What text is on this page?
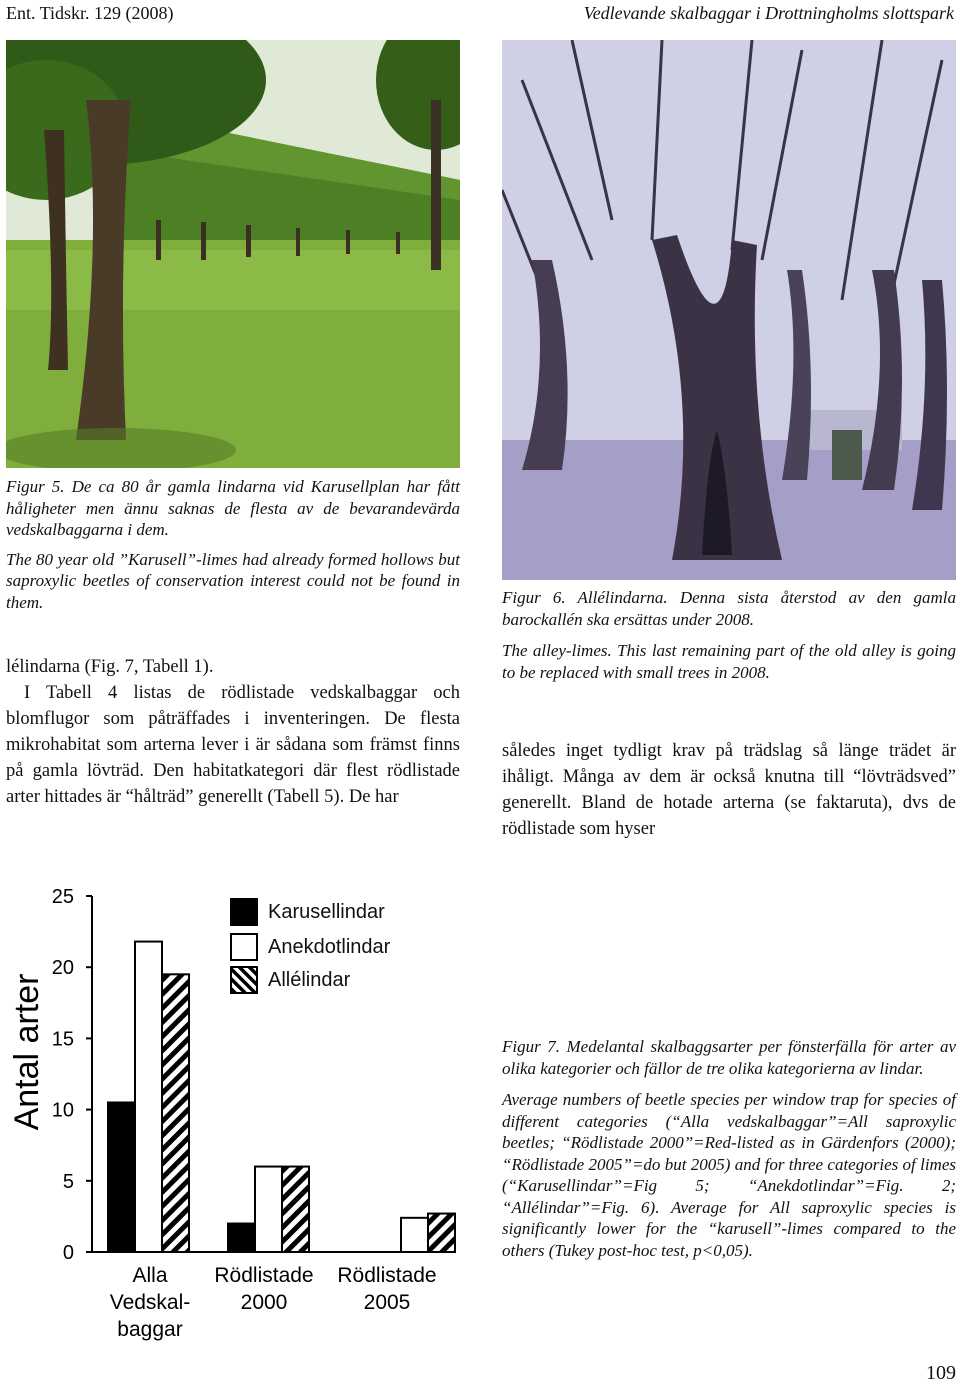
Ent. Tidskr. 129 (2008)	Vedlevande skalbaggar i Drottningholms slottspark

Figur 5. De ca 80 år gamla lindarna vid Karusellplan har fått håligheter men ännu saknas de flesta av de bevarandevärda vedskalbaggarna i dem.

The 80 year old ”Karusell”-limes had already formed hollows but saproxylic beetles of conservation interest could not be found in them.

lélindarna (Fig. 7, Tabell 1).

I Tabell 4 listas de rödlistade vedskalbaggar och blomflugor som påträffades i inventeringen. De flesta mikrohabitat som arterna lever i är sådana som främst finns på gamla lövträd. Den habitatkategori där flest rödlistade arter hittades är “hålträd” generellt (Tabell 5). De har

Figur 6. Allélindarna. Denna sista återstod av den gamla barockallén ska ersättas under 2008.

The alley-limes. This last remaining part of the old alley is going to be replaced with small trees in 2008.

således inget tydligt krav på trädslag så länge trädet är ihåligt. Många av dem är också knutna till “lövträdsved” generellt. Bland de hotade arterna (se faktaruta), dvs de rödlistade som hyser

Antal arter
0
5
10
15
20
25
Alla Vedskal-baggar
Rödlistade 2000
Rödlistade 2005
Karusellindar
Anekdotlindar
Allélindar

Figur 7. Medelantal skalbaggsarter per fönsterfälla för arter av olika kategorier och fällor de tre olika kategorierna av lindar.

Average numbers of beetle species per window trap for species of different categories (“Alla vedskalbaggar”=All saproxylic beetles; “Rödlistade 2000”=Red-listed as in Gärdenfors (2000); “Rödlistade 2005”=do but 2005) and for three categories of limes (“Karusellindar”=Fig 5; “Anekdotlindar”=Fig. 2; “Allélindar”=Fig. 6). Average for All saproxylic species is significantly lower for the “karusell”-limes compared to the others (Tukey post-hoc test, p<0,05).

109
